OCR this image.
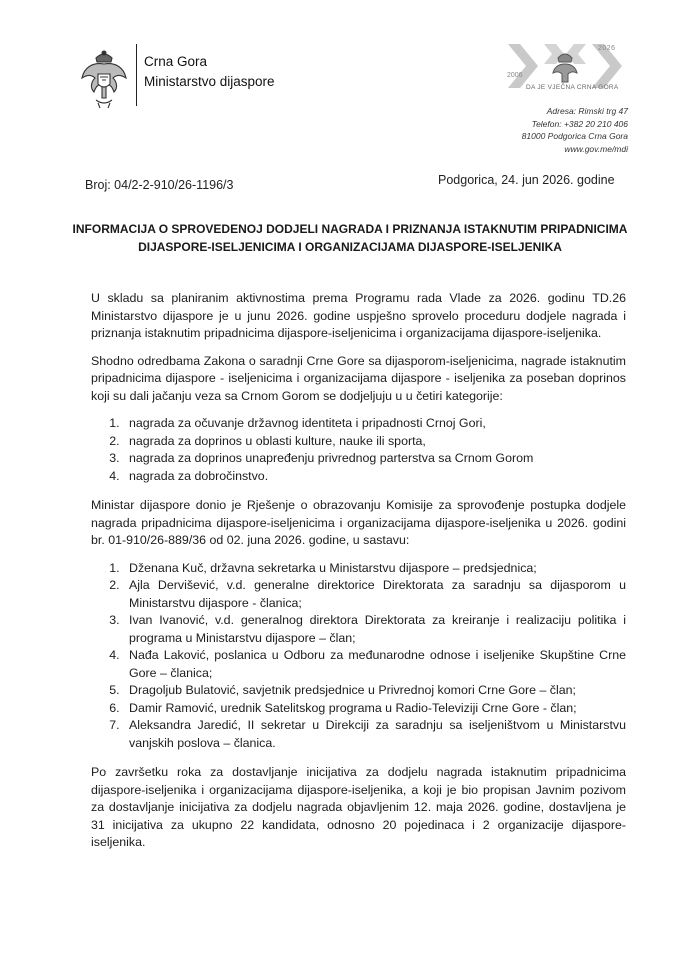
Crna Gora
Ministarstvo dijaspore
2026
2006
DA JE VJEČNA CRNA GORA
Adresa: Rimski trg 47
Telefon: +382 20 210 406
81000 Podgorica Crna Gora
www.gov.me/mdi
Broj: 04/2-2-910/26-1196/3	Podgorica, 24. jun 2026. godine
INFORMACIJA O SPROVEDENOJ DODJELI NAGRADA I PRIZNANJA ISTAKNUTIM PRIPADNICIMA
DIJASPORE-ISELJENICIMA I ORGANIZACIJAMA DIJASPORE-ISELJENIKA

U skladu sa planiranim aktivnostima prema Programu rada Vlade za 2026. godinu TD.26 Ministarstvo dijaspore je u junu 2026. godine uspješno sprovelo proceduru dodjele nagrada i priznanja istaknutim pripadnicima dijaspore-iseljenicima i organizacijama dijaspore-iseljenika.

Shodno odredbama Zakona o saradnji Crne Gore sa dijasporom-iseljenicima, nagrade istaknutim pripadnicima dijaspore - iseljenicima i organizacijama dijaspore - iseljenika za poseban doprinos koji su dali jačanju veza sa Crnom Gorom se dodjeljuju u u četiri kategorije:

1. nagrada za očuvanje državnog identiteta i pripadnosti Crnoj Gori,
2. nagrada za doprinos u oblasti kulture, nauke ili sporta,
3. nagrada za doprinos unapređenju privrednog parterstva sa Crnom Gorom
4. nagrada za dobročinstvo.

Ministar dijaspore donio je Rješenje o obrazovanju Komisije za sprovođenje postupka dodjele nagrada pripadnicima dijaspore-iseljenicima i organizacijama dijaspore-iseljenika u 2026. godini br. 01-910/26-889/36 od 02. juna 2026. godine, u sastavu:

1. Dženana Kuč, državna sekretarka u Ministarstvu dijaspore – predsjednica;
2. Ajla Dervišević, v.d. generalne direktorice Direktorata za saradnju sa dijasporom u Ministarstvu dijaspore - članica;
3. Ivan Ivanović, v.d. generalnog direktora Direktorata za kreiranje i realizaciju politika i programa u Ministarstvu dijaspore – član;
4. Nađa Laković, poslanica u Odboru za međunarodne odnose i iseljenike Skupštine Crne Gore – članica;
5. Dragoljub Bulatović, savjetnik predsjednice u Privrednoj komori Crne Gore – član;
6. Damir Ramović, urednik Satelitskog programa u Radio-Televiziji Crne Gore - član;
7. Aleksandra Jaredić, II sekretar u Direkciji za saradnju sa iseljeništvom u Ministarstvu vanjskih poslova – članica.

Po završetku roka za dostavljanje inicijativa za dodjelu nagrada istaknutim pripadnicima dijaspore-iseljenika i organizacijama dijaspore-iseljenika, a koji je bio propisan Javnim pozivom za dostavljanje inicijativa za dodjelu nagrada objavljenim 12. maja 2026. godine, dostavljena je 31 inicijativa za ukupno 22 kandidata, odnosno 20 pojedinaca i 2 organizacije dijaspore-iseljenika.
